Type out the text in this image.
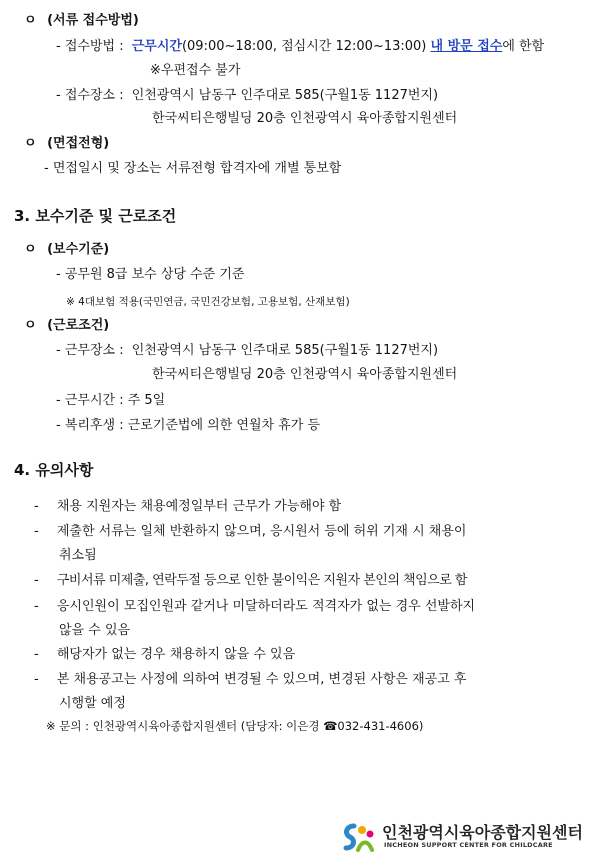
ㅇ (서류 접수방법)
- 접수방법 : 근무시간(09:00~18:00, 점심시간 12:00~13:00) 내 방문 접수에 한함
※우편접수 불가
- 접수장소 : 인천광역시 남동구 인주대로 585(구월1동 1127번지)
한국씨티은행빌딩 20층 인천광역시 육아종합지원센터
ㅇ (면접전형)
- 면접일시 및 장소는 서류전형 합격자에 개별 통보함
3. 보수기준 및 근로조건
ㅇ (보수기준)
- 공무원 8급 보수 상당 수준 기준
※ 4대보험 적용(국민연금, 국민건강보험, 고용보험, 산재보험)
ㅇ (근로조건)
- 근무장소 : 인천광역시 남동구 인주대로 585(구월1동 1127번지)
한국씨티은행빌딩 20층 인천광역시 육아종합지원센터
- 근무시간 : 주 5일
- 복리후생 : 근로기준법에 의한 연월차 휴가 등
4. 유의사항
- 채용 지원자는 채용예정일부터 근무가 가능해야 함
- 제출한 서류는 일체 반환하지 않으며, 응시원서 등에 허위 기재 시 채용이
취소됨
- 구비서류 미제출, 연락두절 등으로 인한 불이익은 지원자 본인의 책임으로 함
- 응시인원이 모집인원과 같거나 미달하더라도 적격자가 없는 경우 선발하지
않을 수 있음
- 해당자가 없는 경우 채용하지 않을 수 있음
- 본 채용공고는 사정에 의하여 변경될 수 있으며, 변경된 사항은 재공고 후
시행할 예정
※ 문의 : 인천광역시육아종합지원센터 (담당자: 이은경 ☎032-431-4606)
인천광역시육아종합지원센터
INCHEON SUPPORT CENTER FOR CHILDCARE
